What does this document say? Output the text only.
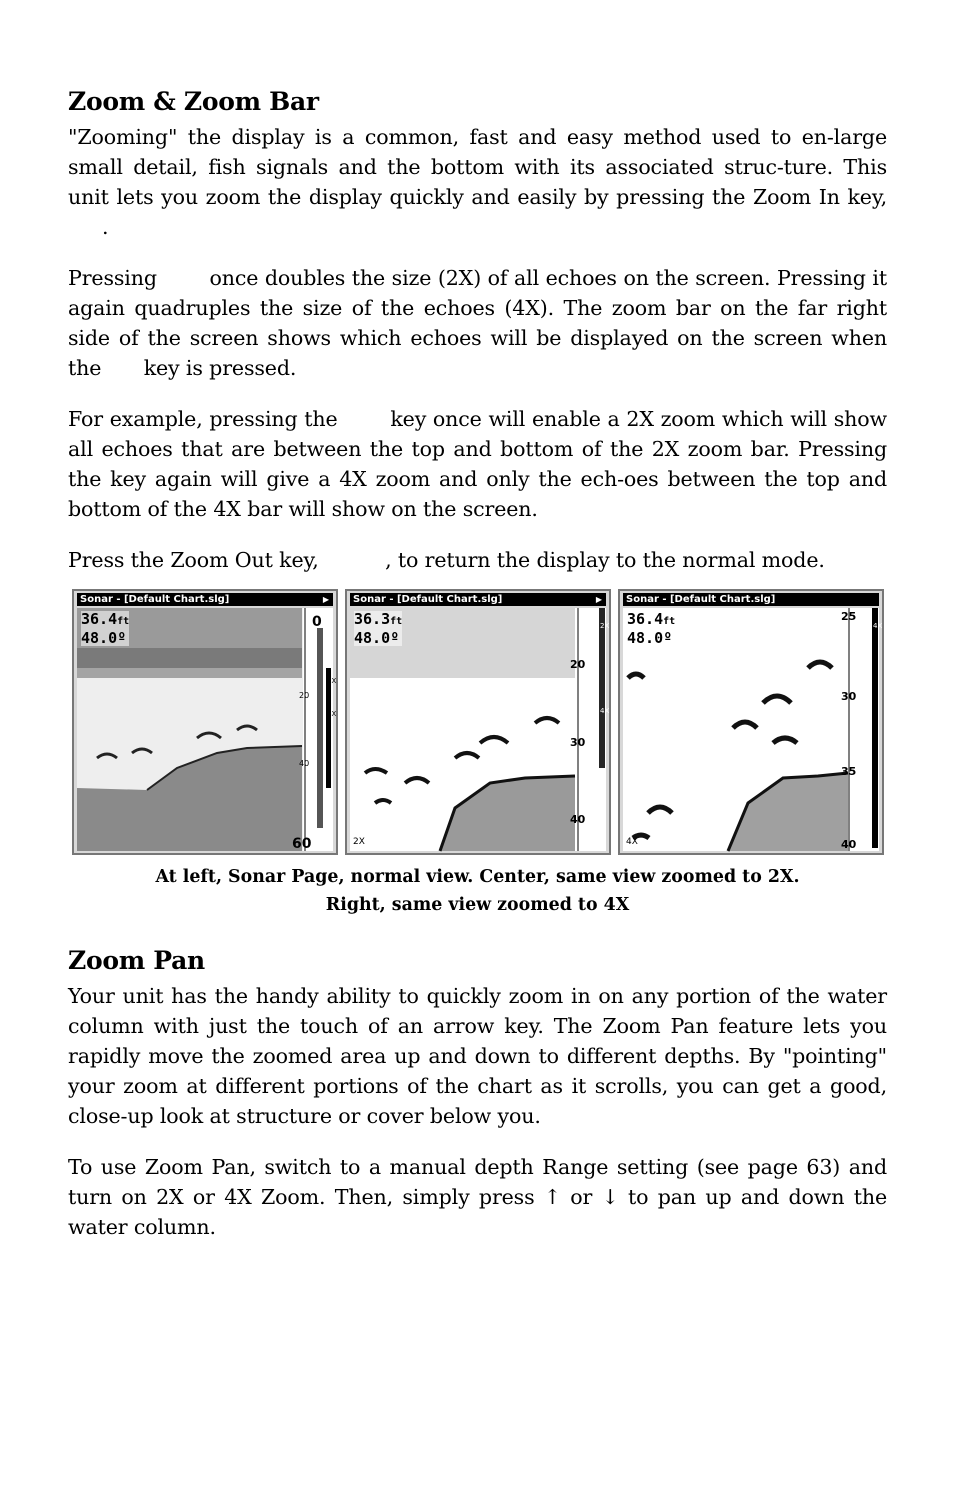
Zoom & Zoom Bar

"Zooming" the display is a common, fast and easy method used to en-large small detail, fish signals and the bottom with its associated struc-ture. This unit lets you zoom the display quickly and easily by pressing the Zoom In key, .

Pressing	once doubles the size (2X) of all echoes on the screen. Pressing it again quadruples the size of the echoes (4X). The zoom bar on the far right side of the screen shows which echoes will be displayed on the screen when the key is pressed.

For example, pressing the	key once will enable a 2X zoom which will show all echoes that are between the top and bottom of the 2X zoom bar. Pressing the key again will give a 4X zoom and only the ech-oes between the top and bottom of the 4X bar will show on the screen.

Press the Zoom Out key,	, to return the display to the normal mode.

Sonar - [Default Chart.slg]	▶
0
20
40
60
2X
4X
36.4ft
48.0º
Sonar - [Default Chart.slg]	▶
20
30
40
2X
4X
36.3ft
48.0º
2X
Sonar - [Default Chart.slg]
25
30
35
40
4X
36.4ft
48.0º
4X
At left, Sonar Page, normal view. Center, same view zoomed to 2X.
Right, same view zoomed to 4X
Zoom Pan

Your unit has the handy ability to quickly zoom in on any portion of the water column with just the touch of an arrow key. The Zoom Pan feature lets you rapidly move the zoomed area up and down to different depths. By "pointing" your zoom at different portions of the chart as it scrolls, you can get a good, close-up look at structure or cover below you.

To use Zoom Pan, switch to a manual depth Range setting (see page 63) and turn on 2X or 4X Zoom. Then, simply press ↑ or ↓ to pan up and down the water column.
